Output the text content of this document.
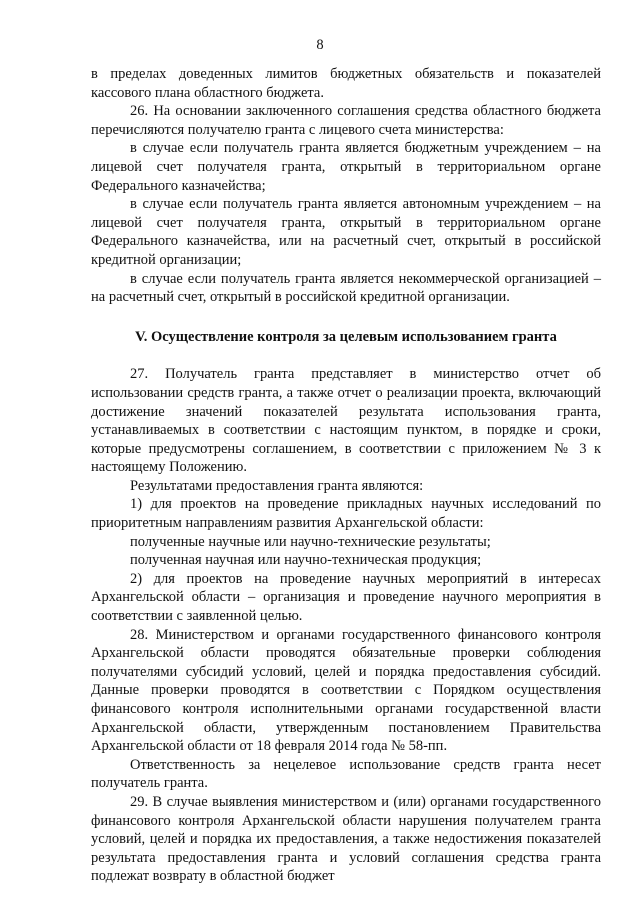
8

в пределах доведенных лимитов бюджетных обязательств и показателей кассового плана областного бюджета.

26. На основании заключенного соглашения средства областного бюджета перечисляются получателю гранта с лицевого счета министерства:

в случае если получатель гранта является бюджетным учреждением – на лицевой счет получателя гранта, открытый в территориальном органе Федерального казначейства;

в случае если получатель гранта является автономным учреждением – на лицевой счет получателя гранта, открытый в территориальном органе Федерального казначейства, или на расчетный счет, открытый в российской кредитной организации;

в случае если получатель гранта является некоммерческой организацией – на расчетный счет, открытый в российской кредитной организации.

V. Осуществление контроля за целевым использованием гранта

27. Получатель гранта представляет в министерство отчет об использовании средств гранта, а также отчет о реализации проекта, включающий достижение значений показателей результата использования гранта, устанавливаемых в соответствии с настоящим пунктом, в порядке и сроки, которые предусмотрены соглашением, в соответствии с приложением № 3 к настоящему Положению.

Результатами предоставления гранта являются:

1) для проектов на проведение прикладных научных исследований по приоритетным направлениям развития Архангельской области:

полученные научные или научно-технические результаты;

полученная научная или научно-техническая продукция;

2) для проектов на проведение научных мероприятий в интересах Архангельской области – организация и проведение научного мероприятия в соответствии с заявленной целью.

28. Министерством и органами государственного финансового контроля Архангельской области проводятся обязательные проверки соблюдения получателями субсидий условий, целей и порядка предоставления субсидий. Данные проверки проводятся в соответствии с Порядком осуществления финансового контроля исполнительными органами государственной власти Архангельской области, утвержденным постановлением Правительства Архангельской области от 18 февраля 2014 года № 58-пп.

Ответственность за нецелевое использование средств гранта несет получатель гранта.

29. В случае выявления министерством и (или) органами государственного финансового контроля Архангельской области нарушения получателем гранта условий, целей и порядка их предоставления, а также недостижения показателей результата предоставления гранта и условий соглашения средства гранта подлежат возврату в областной бюджет
